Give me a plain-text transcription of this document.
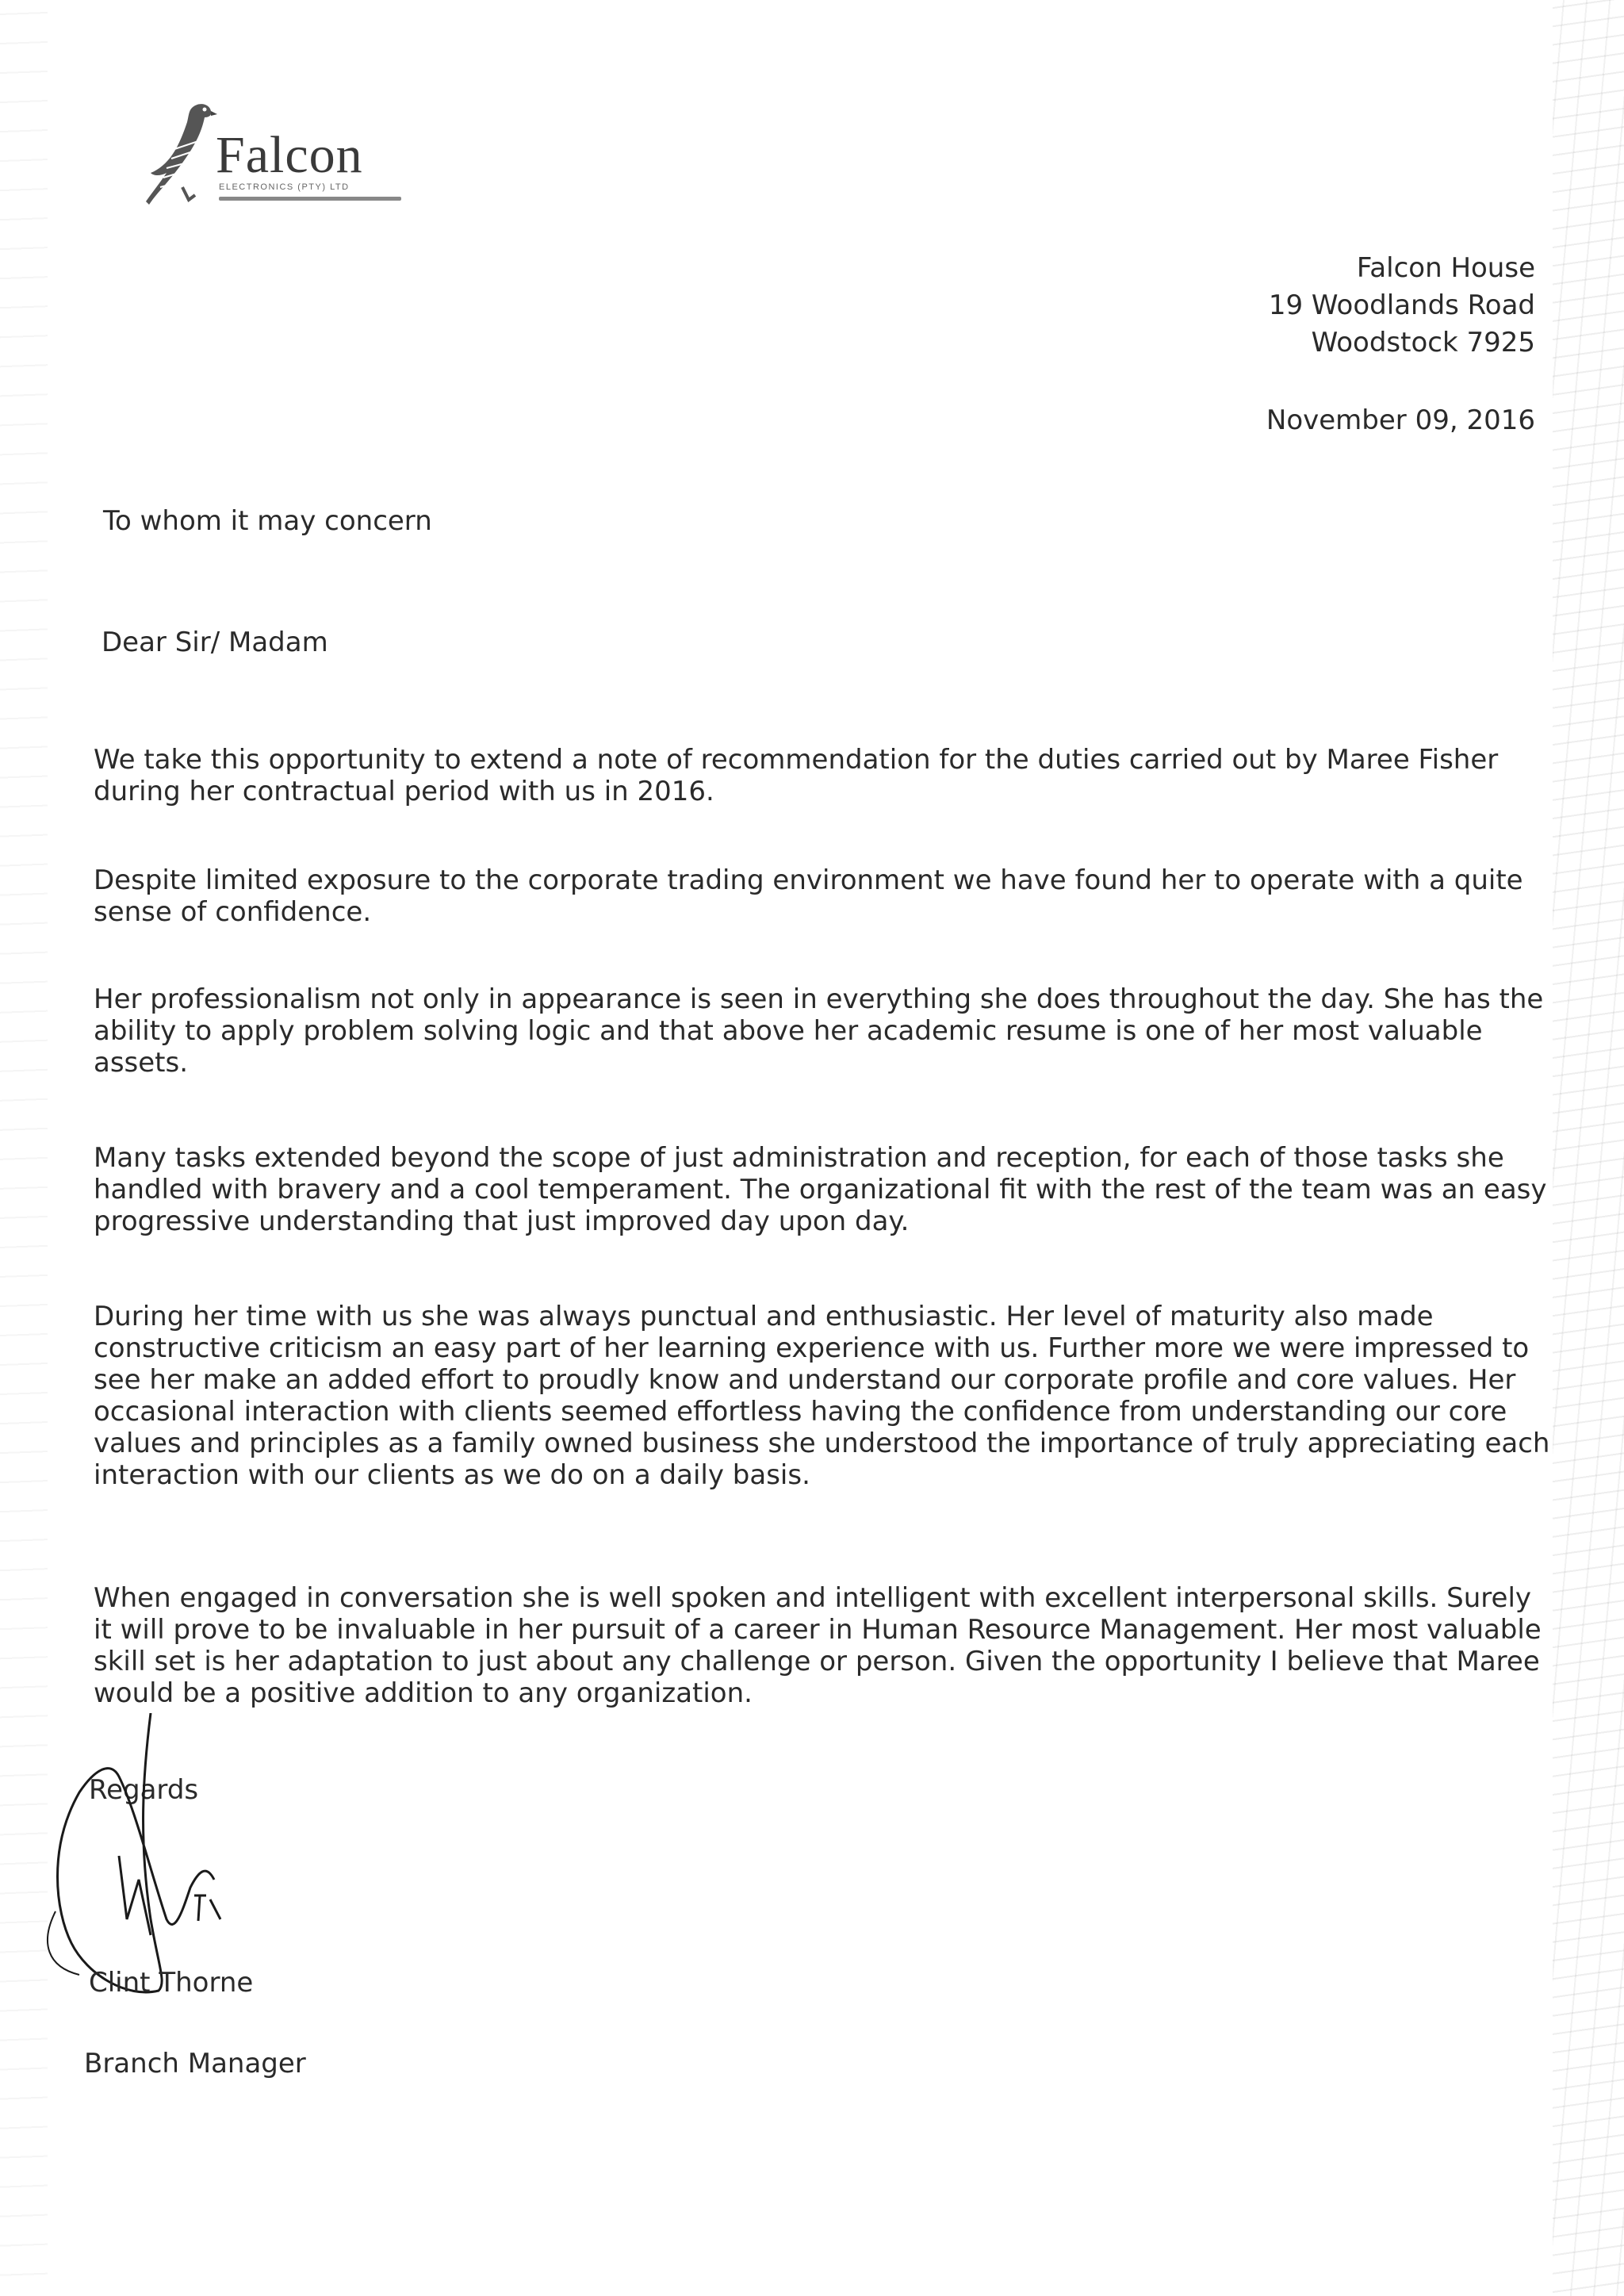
Falcon
ELECTRONICS (PTY) LTD
Falcon House
19 Woodlands Road
Woodstock 7925
November 09, 2016
To whom it may concern
Dear Sir/ Madam
We take this opportunity to extend a note of recommendation for the duties carried out by Maree Fisher
during her contractual period with us in 2016.
Despite limited exposure to the corporate trading environment we have found her to operate with a quite
sense of confidence.
Her professionalism not only in appearance is seen in everything she does throughout the day. She has the
ability to apply problem solving logic and that above her academic resume is one of her most valuable
assets.
Many tasks extended beyond the scope of just administration and reception, for each of those tasks she
handled with bravery and a cool temperament. The organizational fit with the rest of the team was an easy
progressive understanding that just improved day upon day.
During her time with us she was always punctual and enthusiastic. Her level of maturity also made
constructive criticism an easy part of her learning experience with us. Further more we were impressed to
see her make an added effort to proudly know and understand our corporate profile and core values. Her
occasional interaction with clients seemed effortless having the confidence from understanding our core
values and principles as a family owned business she understood the importance of truly appreciating each
interaction with our clients as we do on a daily basis.
When engaged in conversation she is well spoken and intelligent with excellent interpersonal skills. Surely
it will prove to be invaluable in her pursuit of a career in Human Resource Management. Her most valuable
skill set is her adaptation to just about any challenge or person. Given the opportunity I believe that Maree
would be a positive addition to any organization.
Regards
Clint Thorne
Branch Manager
